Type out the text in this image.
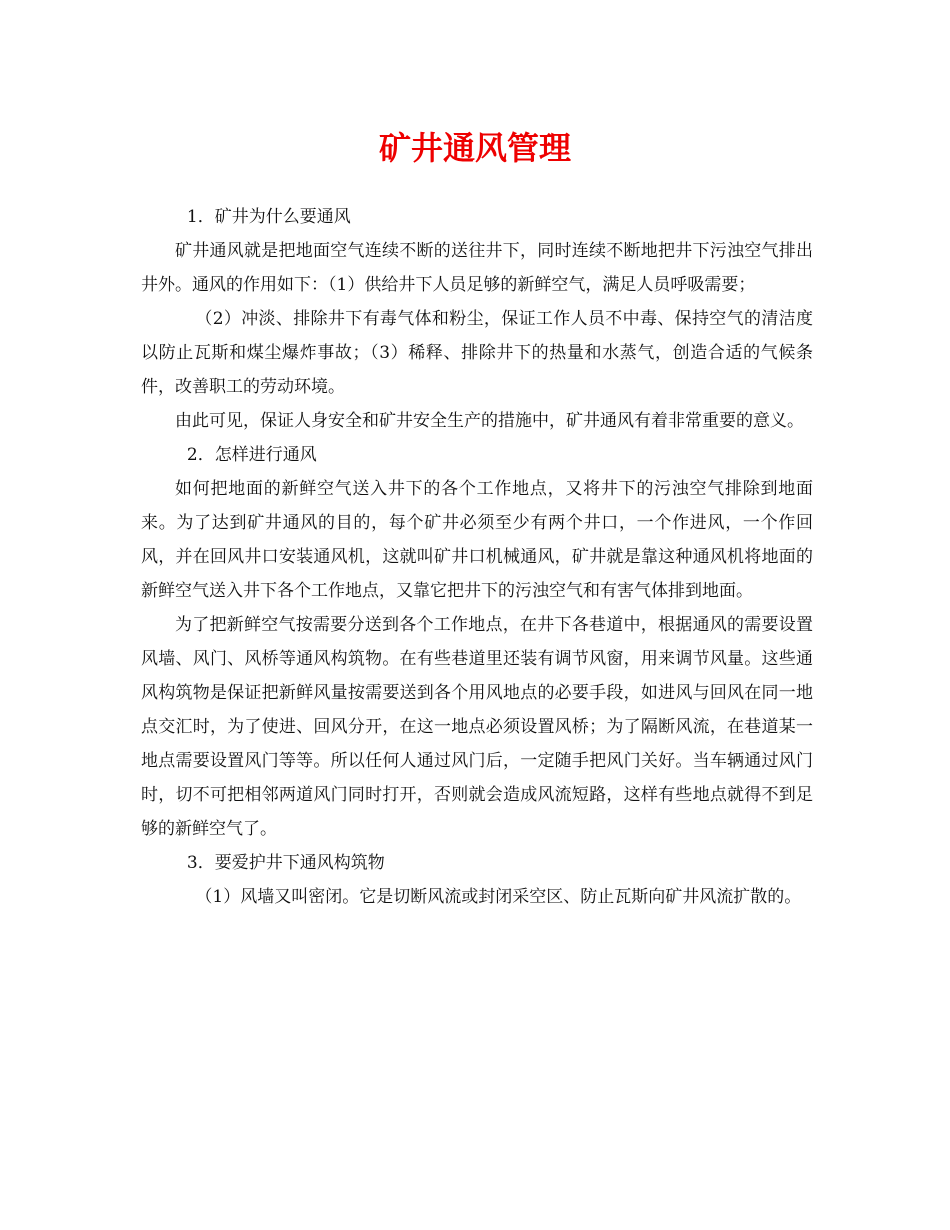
矿井通风管理

1．矿井为什么要通风

矿井通风就是把地面空气连续不断的送往井下，同时连续不断地把井下污浊空气排出井外。通风的作用如下：（1）供给井下人员足够的新鲜空气，满足人员呼吸需要；

（2）冲淡、排除井下有毒气体和粉尘，保证工作人员不中毒、保持空气的清洁度以防止瓦斯和煤尘爆炸事故；（3）稀释、排除井下的热量和水蒸气，创造合适的气候条件，改善职工的劳动环境。

由此可见，保证人身安全和矿井安全生产的措施中，矿井通风有着非常重要的意义。

2．怎样进行通风

如何把地面的新鲜空气送入井下的各个工作地点，又将井下的污浊空气排除到地面来。为了达到矿井通风的目的，每个矿井必须至少有两个井口，一个作进风，一个作回风，并在回风井口安装通风机，这就叫矿井口机械通风，矿井就是靠这种通风机将地面的新鲜空气送入井下各个工作地点，又靠它把井下的污浊空气和有害气体排到地面。

为了把新鲜空气按需要分送到各个工作地点，在井下各巷道中，根据通风的需要设置风墙、风门、风桥等通风构筑物。在有些巷道里还装有调节风窗，用来调节风量。这些通风构筑物是保证把新鲜风量按需要送到各个用风地点的必要手段，如进风与回风在同一地点交汇时，为了使进、回风分开，在这一地点必须设置风桥；为了隔断风流，在巷道某一地点需要设置风门等等。所以任何人通过风门后，一定随手把风门关好。当车辆通过风门时，切不可把相邻两道风门同时打开，否则就会造成风流短路，这样有些地点就得不到足够的新鲜空气了。

3．要爱护井下通风构筑物

（1）风墙又叫密闭。它是切断风流或封闭采空区、防止瓦斯向矿井风流扩散的。
